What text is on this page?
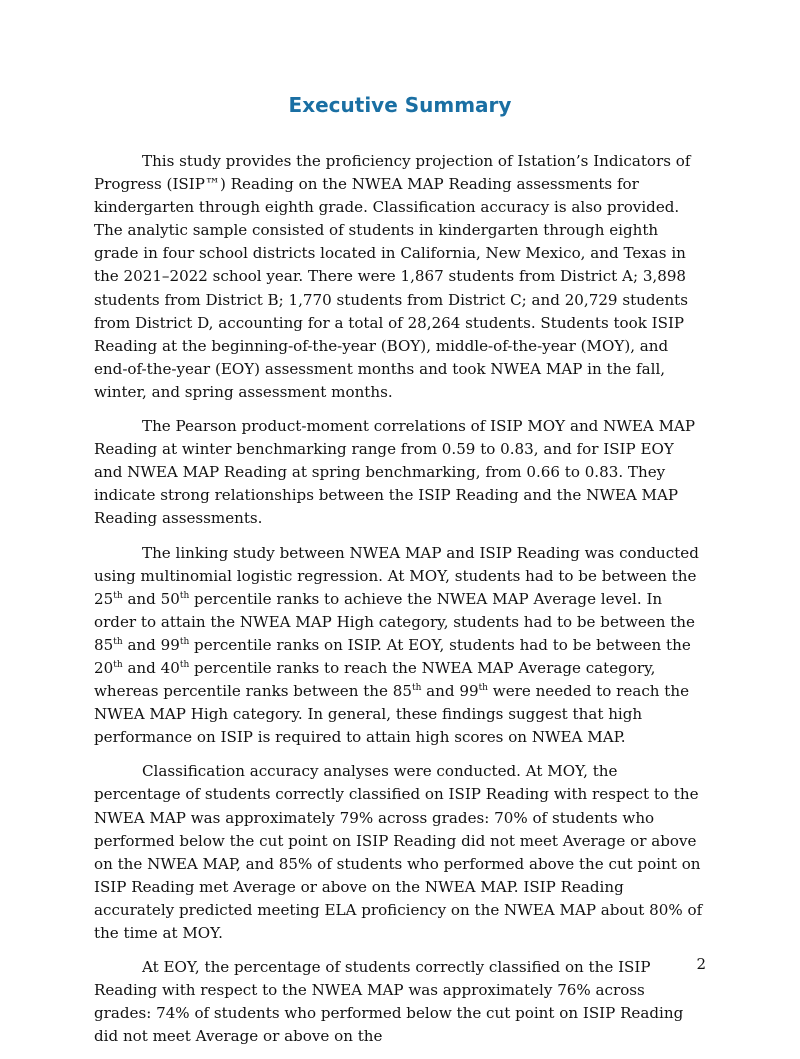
Executive Summary

This study provides the proficiency projection of Istation’s Indicators of Progress (ISIP™) Reading on the NWEA MAP Reading assessments for kindergarten through eighth grade. Classification accuracy is also provided. The analytic sample consisted of students in kindergarten through eighth grade in four school districts located in California, New Mexico, and Texas in the 2021–2022 school year. There were 1,867 students from District A; 3,898 students from District B; 1,770 students from District C; and 20,729 students from District D, accounting for a total of 28,264 students. Students took ISIP Reading at the beginning-of-the-year (BOY), middle-of-the-year (MOY), and end-of-the-year (EOY) assessment months and took NWEA MAP in the fall, winter, and spring assessment months.

The Pearson product-moment correlations of ISIP MOY and NWEA MAP Reading at winter benchmarking range from 0.59 to 0.83, and for ISIP EOY and NWEA MAP Reading at spring benchmarking, from 0.66 to 0.83. They indicate strong relationships between the ISIP Reading and the NWEA MAP Reading assessments.

The linking study between NWEA MAP and ISIP Reading was conducted using multinomial logistic regression. At MOY, students had to be between the 25th and 50th percentile ranks to achieve the NWEA MAP Average level. In order to attain the NWEA MAP High category, students had to be between the 85th and 99th percentile ranks on ISIP. At EOY, students had to be between the 20th and 40th percentile ranks to reach the NWEA MAP Average category, whereas percentile ranks between the 85th and 99th were needed to reach the NWEA MAP High category. In general, these findings suggest that high performance on ISIP is required to attain high scores on NWEA MAP.

Classification accuracy analyses were conducted. At MOY, the percentage of students correctly classified on ISIP Reading with respect to the NWEA MAP was approximately 79% across grades: 70% of students who performed below the cut point on ISIP Reading did not meet Average or above on the NWEA MAP, and 85% of students who performed above the cut point on ISIP Reading met Average or above on the NWEA MAP. ISIP Reading accurately predicted meeting ELA proficiency on the NWEA MAP about 80% of the time at MOY.

At EOY, the percentage of students correctly classified on the ISIP Reading with respect to the NWEA MAP was approximately 76% across grades: 74% of students who performed below the cut point on ISIP Reading did not meet Average or above on the

2
